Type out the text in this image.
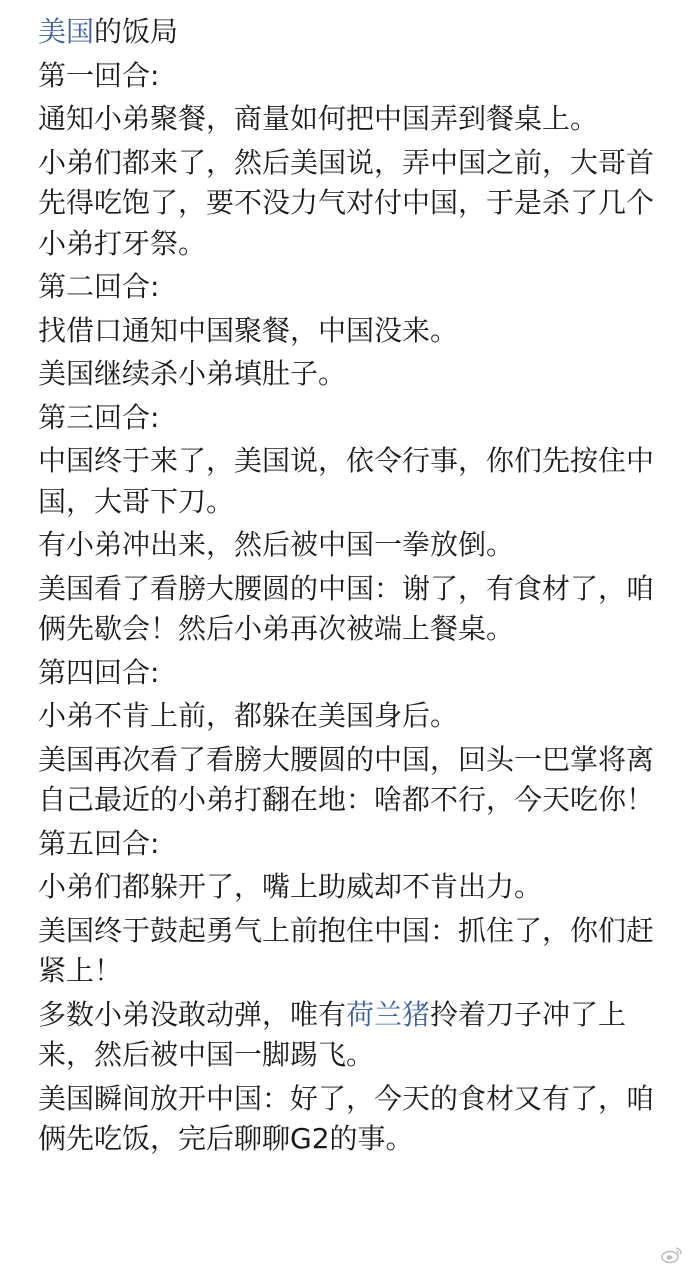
美国的饭局
第一回合:
通知小弟聚餐，商量如何把中国弄到餐桌上。
小弟们都来了，然后美国说，弄中国之前，大哥首先得吃饱了，要不没力气对付中国，于是杀了几个小弟打牙祭。
第二回合:
找借口通知中国聚餐，中国没来。
美国继续杀小弟填肚子。
第三回合:
中国终于来了，美国说，依令行事，你们先按住中国，大哥下刀。
有小弟冲出来，然后被中国一拳放倒。
美国看了看膀大腰圆的中国：谢了，有食材了，咱俩先歇会！然后小弟再次被端上餐桌。
第四回合:
小弟不肯上前，都躲在美国身后。
美国再次看了看膀大腰圆的中国，回头一巴掌将离自己最近的小弟打翻在地：啥都不行，今天吃你！
第五回合:
小弟们都躲开了，嘴上助威却不肯出力。
美国终于鼓起勇气上前抱住中国：抓住了，你们赶紧上！
多数小弟没敢动弹，唯有荷兰猪拎着刀子冲了上来，然后被中国一脚踢飞。
美国瞬间放开中国：好了，今天的食材又有了，咱俩先吃饭，完后聊聊G2的事。
